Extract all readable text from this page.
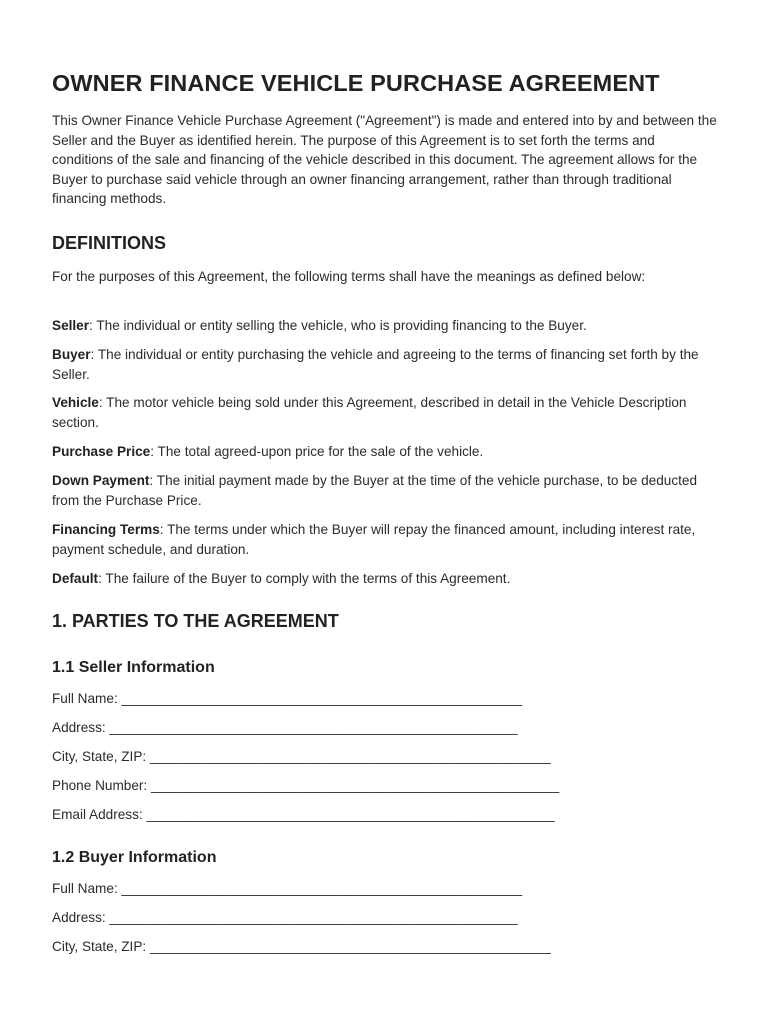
OWNER FINANCE VEHICLE PURCHASE AGREEMENT

This Owner Finance Vehicle Purchase Agreement ("Agreement") is made and entered into by and between the Seller and the Buyer as identified herein. The purpose of this Agreement is to set forth the terms and conditions of the sale and financing of the vehicle described in this document. The agreement allows for the Buyer to purchase said vehicle through an owner financing arrangement, rather than through traditional financing methods.

DEFINITIONS

For the purposes of this Agreement, the following terms shall have the meanings as defined below:

Seller: The individual or entity selling the vehicle, who is providing financing to the Buyer.

Buyer: The individual or entity purchasing the vehicle and agreeing to the terms of financing set forth by the Seller.

Vehicle: The motor vehicle being sold under this Agreement, described in detail in the Vehicle Description section.

Purchase Price: The total agreed-upon price for the sale of the vehicle.

Down Payment: The initial payment made by the Buyer at the time of the vehicle purchase, to be deducted from the Purchase Price.

Financing Terms: The terms under which the Buyer will repay the financed amount, including interest rate, payment schedule, and duration.

Default: The failure of the Buyer to comply with the terms of this Agreement.

1. PARTIES TO THE AGREEMENT
1.1 Seller Information

Full Name: _____________________________________________________

Address: ______________________________________________________

City, State, ZIP: _____________________________________________________

Phone Number: ______________________________________________________

Email Address: ______________________________________________________

1.2 Buyer Information

Full Name: _____________________________________________________

Address: ______________________________________________________

City, State, ZIP: _____________________________________________________
